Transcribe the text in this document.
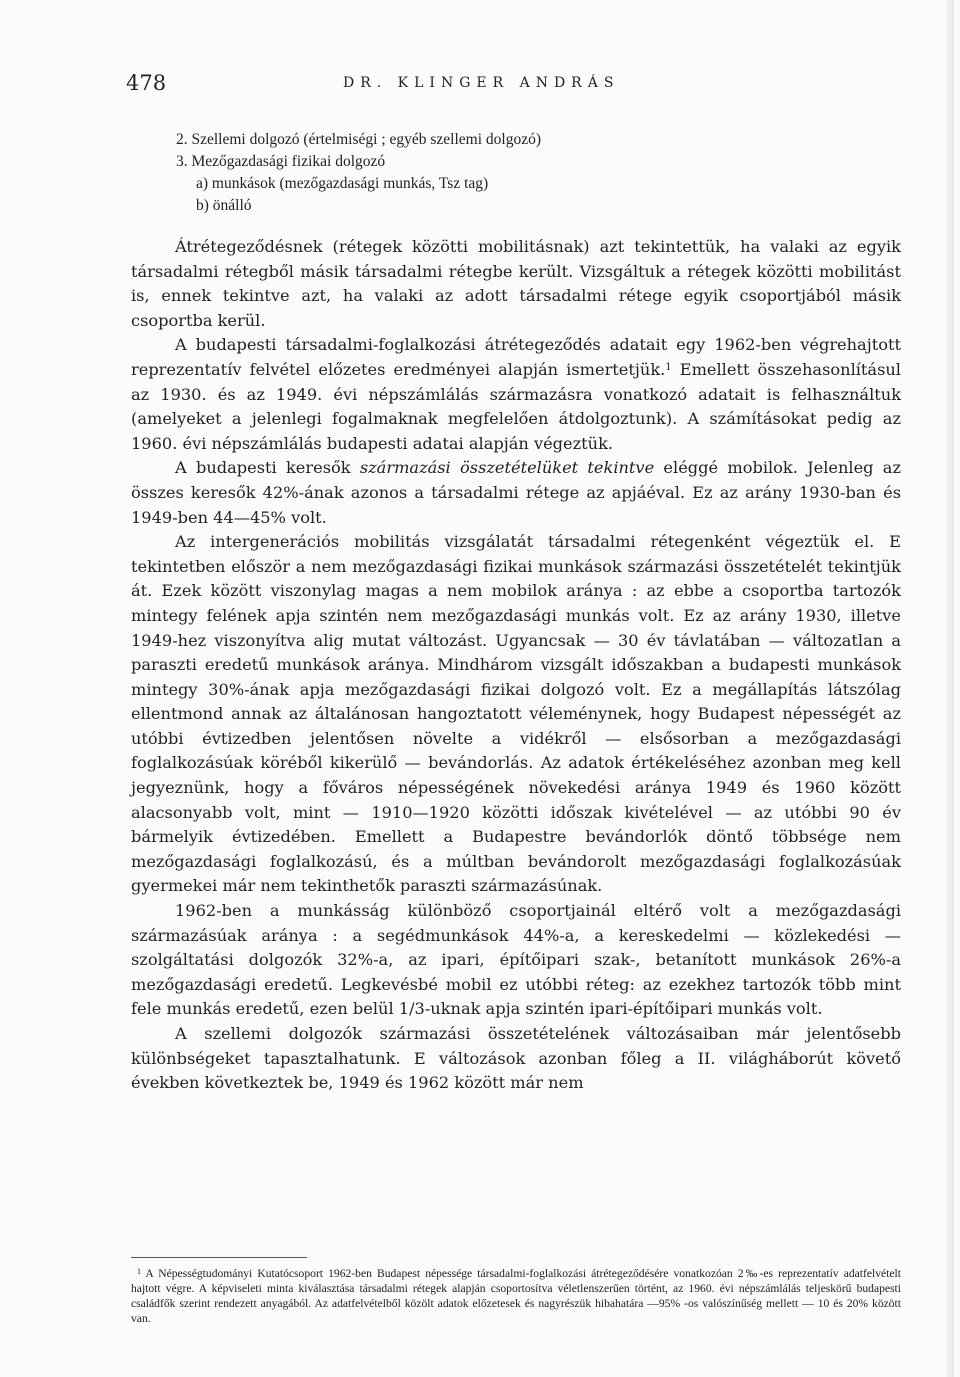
478	DR. KLINGER ANDRÁS
2. Szellemi dolgozó (értelmiségi ; egyéb szellemi dolgozó)
3. Mezőgazdasági fizikai dolgozó
a) munkások (mezőgazdasági munkás, Tsz tag)
b) önálló

Átrétegeződésnek (rétegek közötti mobilitásnak) azt tekintettük, ha valaki az egyik társadalmi rétegből másik társadalmi rétegbe került. Vizsgáltuk a rétegek közötti mobilitást is, ennek tekintve azt, ha valaki az adott társadalmi rétege egyik csoportjából másik csoportba kerül.

A budapesti társadalmi-foglalkozási átrétegeződés adatait egy 1962-ben végrehajtott reprezentatív felvétel előzetes eredményei alapján ismertetjük.$^1$ Emellett összehasonlításul az 1930. és az 1949. évi népszámlálás származásra vonatkozó adatait is felhasználtuk (amelyeket a jelenlegi fogalmaknak megfelelően átdolgoztunk). A számításokat pedig az 1960. évi népszámlálás budapesti adatai alapján végeztük.

A budapesti keresők származási összetételüket tekintve eléggé mobilok. Jelenleg az összes keresők 42%-ának azonos a társadalmi rétege az apjáéval. Ez az arány 1930-ban és 1949-ben 44—45% volt.

Az intergenerációs mobilitás vizsgálatát társadalmi rétegenként végeztük el. E tekintetben először a nem mezőgazdasági fizikai munkások származási összetételét tekintjük át. Ezek között viszonylag magas a nem mobilok aránya : az ebbe a csoportba tartozók mintegy felének apja szintén nem mezőgazdasági munkás volt. Ez az arány 1930, illetve 1949-hez viszonyítva alig mutat változást. Ugyancsak — 30 év távlatában — változatlan a paraszti eredetű munkások aránya. Mindhárom vizsgált időszakban a budapesti munkások mintegy 30%-ának apja mezőgazdasági fizikai dolgozó volt. Ez a megállapítás látszólag ellentmond annak az általánosan hangoztatott véleménynek, hogy Budapest népességét az utóbbi évtizedben jelentősen növelte a vidékről — elsősorban a mezőgazdasági foglalkozásúak köréből kikerülő — bevándorlás. Az adatok értékeléséhez azonban meg kell jegyeznünk, hogy a főváros népességének növekedési aránya 1949 és 1960 között alacsonyabb volt, mint — 1910—1920 közötti időszak kivételével — az utóbbi 90 év bármelyik évtizedében. Emellett a Budapestre bevándorlók döntő többsége nem mezőgazdasági foglalkozású, és a múltban bevándorolt mezőgazdasági foglalkozásúak gyermekei már nem tekinthetők paraszti származásúnak.

1962-ben a munkásság különböző csoportjainál eltérő volt a mezőgazdasági származásúak aránya : a segédmunkások 44%-a, a kereskedelmi — közlekedési — szolgáltatási dolgozók 32%-a, az ipari, építőipari szak-, betanított munkások 26%-a mezőgazdasági eredetű. Legkevésbé mobil ez utóbbi réteg: az ezekhez tartozók több mint fele munkás eredetű, ezen belül 1/3-uknak apja szintén ipari-építőipari munkás volt.

A szellemi dolgozók származási összetételének változásaiban már jelentősebb különbségeket tapasztalhatunk. E változások azonban főleg a II. világháborút követő években következtek be, 1949 és 1962 között már nem

$^1$ A Népességtudományi Kutatócsoport 1962-ben Budapest népessége társadalmi-foglalkozási átrétegeződésére vonatkozóan 2‰-es reprezentatív adatfelvételt hajtott végre. A képviseleti minta kiválasztása társadalmi rétegek alapján csoportosítva véletlenszerűen történt, az 1960. évi népszámlálás teljeskörű budapesti családfők szerint rendezett anyagából. Az adatfelvételből közölt adatok előzetesek és nagyrészük hibahatára —95% -os valószínűség mellett — 10 és 20% között van.
